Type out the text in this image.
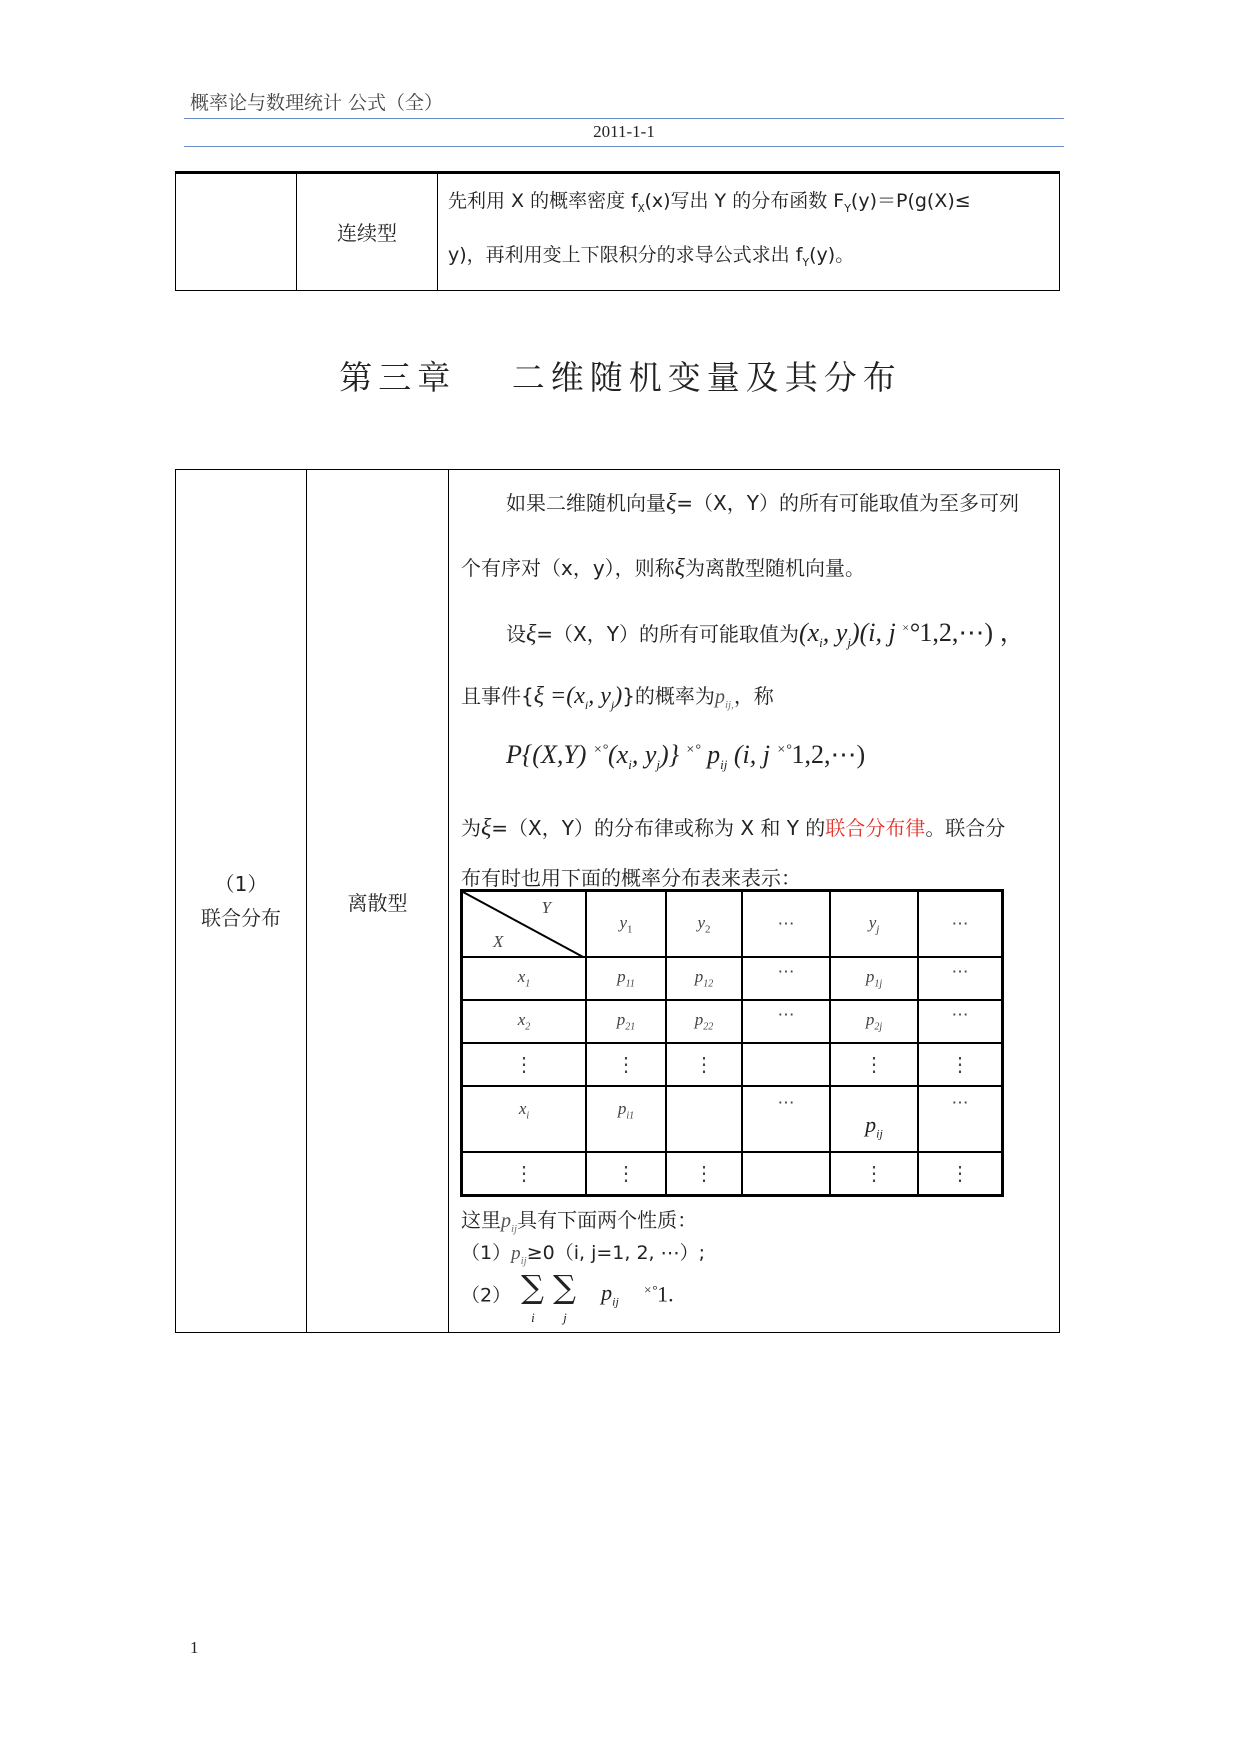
概率论与数理统计 公式（全）
2011-1-1
	连续型	
先利用 X 的概率密度 $f_X(x)$写出 Y 的分布函数 $F_Y(y)=P(g(X)\le$
y)，再利用变上下限积分的求导公式求出 $f_Y(y)$。
第三章　 二维随机变量及其分布
（1）
联合分布
	离散型	
如果二维随机向量ξ=（X，Y）的所有可能取值为至多可列
个有序对（x，y），则称ξ为离散型随机向量。
设ξ=（X，Y）的所有可能取值为($x_i$, $y_j)(i$, j ×°1,2,⋯) ，
且事件{$\xi =(x_i$, $y_j$)}的概率为$p_{ij,}$，称
P{(X,Y) $^{\times^\circ}(x_i$, $y_j$)} ×° $p_{ij}$ (i, j ×°1,2,⋯)
为ξ=（X，Y）的分布律或称为 X 和 Y 的联合分布律。联合分
布有时也用下面的概率分布表来表示：
Y
X	$y_1$	$y_2$	⋯	$y_j$	⋯
$x_1$	$p_{11}$	$p_{12}$	⋯	$p_{1j}$	⋯
$x_2$	$p_{21}$	$p_{22}$	⋯	$p_{2j}$	⋯
⋮	⋮	⋮		⋮	⋮
$x_i$	$p_{i1}$		⋯	$p_{ij}$	⋯
⋮	⋮	⋮		⋮	⋮
这里$p_{ij}$具有下面两个性质：
$(1)p_{ij}\ge 0(i$, j=1, 2, ⋯）;
（2） ∑ ∑
i j
$p_{ij}$
×°1.
1
